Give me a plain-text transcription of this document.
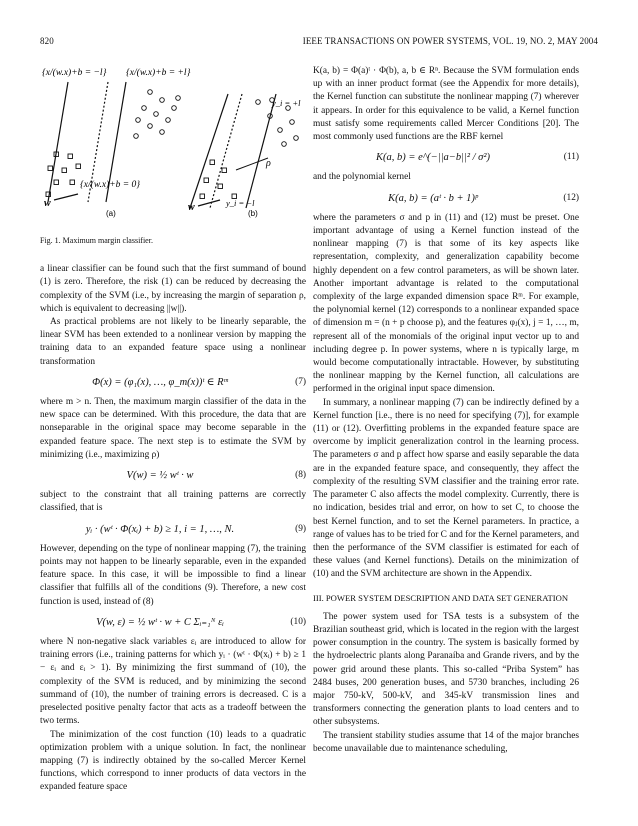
820	IEEE TRANSACTIONS ON POWER SYSTEMS, VOL. 19, NO. 2, MAY 2004
{x/(w.x)+b = −l} {x/(w.x)+b = +l}
{x/(w.x)+b = 0}
w
(a)
ρ
y_i = +l
y_i = −l
w
(b)
Fig. 1. Maximum margin classifier.

a linear classifier can be found such that the first summand of bound (1) is zero. Therefore, the risk (1) can be reduced by decreasing the complexity of the SVM (i.e., by increasing the margin of separation ρ, which is equivalent to decreasing ||w||).

As practical problems are not likely to be linearly separable, the linear SVM has been extended to a nonlinear version by mapping the training data to an expanded feature space using a nonlinear transformation

Φ(x) = (φ₁(x), …, φ_m(x))ᵗ ∈ Rᵐ	(7)

where m > n. Then, the maximum margin classifier of the data in the new space can be determined. With this procedure, the data that are nonseparable in the original space may become separable in the expanded feature space. The next step is to estimate the SVM by minimizing (i.e., maximizing ρ)

V(w) = ½ wᵗ · w	(8)

subject to the constraint that all training patterns are correctly classified, that is

yᵢ · (wᵗ · Φ(xᵢ) + b) ≥ 1, i = 1, …, N.	(9)

However, depending on the type of nonlinear mapping (7), the training points may not happen to be linearly separable, even in the expanded feature space. In this case, it will be impossible to find a linear classifier that fulfills all of the conditions (9). Therefore, a new cost function is used, instead of (8)

V(w, ε) = ½ wᵗ · w + C Σᵢ₌₁ᴺ εᵢ	(10)

where N non-negative slack variables εᵢ are introduced to allow for training errors (i.e., training patterns for which yᵢ · (wᵗ · Φ(xᵢ) + b) ≥ 1 − εᵢ and εᵢ > 1). By minimizing the first summand of (10), the complexity of the SVM is reduced, and by minimizing the second summand of (10), the number of training errors is decreased. C is a preselected positive penalty factor that acts as a tradeoff between the two terms.

The minimization of the cost function (10) leads to a quadratic optimization problem with a unique solution. In fact, the nonlinear mapping (7) is indirectly obtained by the so-called Mercer Kernel functions, which correspond to inner products of data vectors in the expanded feature space

K(a, b) = Φ(a)ᵗ · Φ(b), a, b ∈ Rⁿ. Because the SVM formulation ends up with an inner product format (see the Appendix for more details), the Kernel function can substitute the nonlinear mapping (7) wherever it appears. In order for this equivalence to be valid, a Kernel function must satisfy some requirements called Mercer Conditions [20]. The most commonly used functions are the RBF kernel

K(a, b) = e^(−||a−b||² / σ²)	(11)

and the polynomial kernel

K(a, b) = (aᵗ · b + 1)ᵖ	(12)

where the parameters σ and p in (11) and (12) must be preset. One important advantage of using a Kernel function instead of the nonlinear mapping (7) is that some of its key aspects like representation, complexity, and generalization capability become highly dependent on a few control parameters, as will be shown later. Another important advantage is related to the computational complexity of the large expanded dimension space Rᵐ. For example, the polynomial kernel (12) corresponds to a nonlinear expanded space of dimension m = (n + p choose p), and the features φⱼ(x), j = 1, …, m, represent all of the monomials of the original input vector up to and including degree p. In power systems, where n is typically large, m would become computationally intractable. However, by substituting the nonlinear mapping by the Kernel function, all calculations are performed in the original input space dimension.

In summary, a nonlinear mapping (7) can be indirectly defined by a Kernel function [i.e., there is no need for specifying (7)], for example (11) or (12). Overfitting problems in the expanded feature space are overcome by implicit generalization control in the learning process. The parameters σ and p affect how sparse and easily separable the data are in the expanded feature space, and consequently, they affect the complexity of the resulting SVM classifier and the training error rate. The parameter C also affects the model complexity. Currently, there is no indication, besides trial and error, on how to set C, to choose the best Kernel function, and to set the Kernel parameters. In practice, a range of values has to be tried for C and for the Kernel parameters, and then the performance of the SVM classifier is estimated for each of these values (and Kernel functions). Details on the minimization of (10) and the SVM architecture are shown in the Appendix.

III. POWER SYSTEM DESCRIPTION AND DATA SET GENERATION

The power system used for TSA tests is a subsystem of the Brazilian southeast grid, which is located in the region with the largest power consumption in the country. The system is basically formed by the hydroelectric plants along Paranaíba and Grande rivers, and by the power grid around these plants. This so-called “Priba System” has 2484 buses, 200 generation buses, and 5730 branches, including 26 major 750-kV, 500-kV, and 345-kV transmission lines and transformers connecting the generation plants to load centers and to other subsystems.

The transient stability studies assume that 14 of the major branches become unavailable due to maintenance scheduling,
